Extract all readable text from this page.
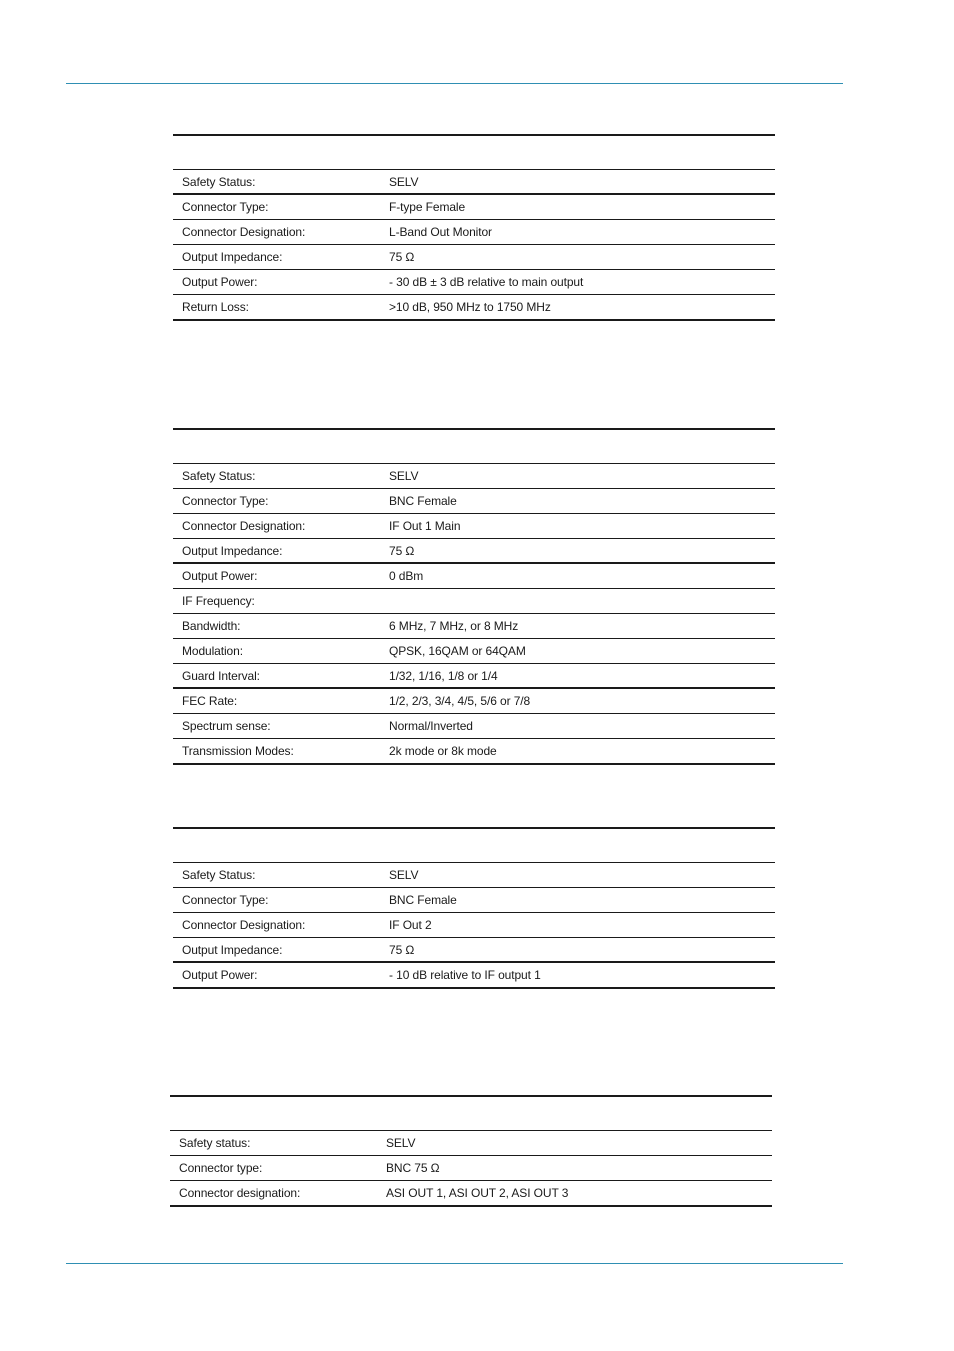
Safety Status:	SELV
Connector Type:	F-type Female
Connector Designation:	L-Band Out Monitor
Output Impedance:	75 Ω
Output Power:	- 30 dB ± 3 dB relative to main output
Return Loss:	>10 dB, 950 MHz to 1750 MHz
Safety Status:	SELV
Connector Type:	BNC Female
Connector Designation:	IF Out 1 Main
Output Impedance:	75 Ω
Output Power:	0 dBm
IF Frequency:
Bandwidth:	6 MHz, 7 MHz, or 8 MHz
Modulation:	QPSK, 16QAM or 64QAM
Guard Interval:	1/32, 1/16, 1/8 or 1/4
FEC Rate:	1/2, 2/3, 3/4, 4/5, 5/6 or 7/8
Spectrum sense:	Normal/Inverted
Transmission Modes:	2k mode or 8k mode
Safety Status:	SELV
Connector Type:	BNC Female
Connector Designation:	IF Out 2
Output Impedance:	75 Ω
Output Power:	- 10 dB relative to IF output 1
Safety status:	SELV
Connector type:	BNC 75 Ω
Connector designation:	ASI OUT 1, ASI OUT 2, ASI OUT 3
